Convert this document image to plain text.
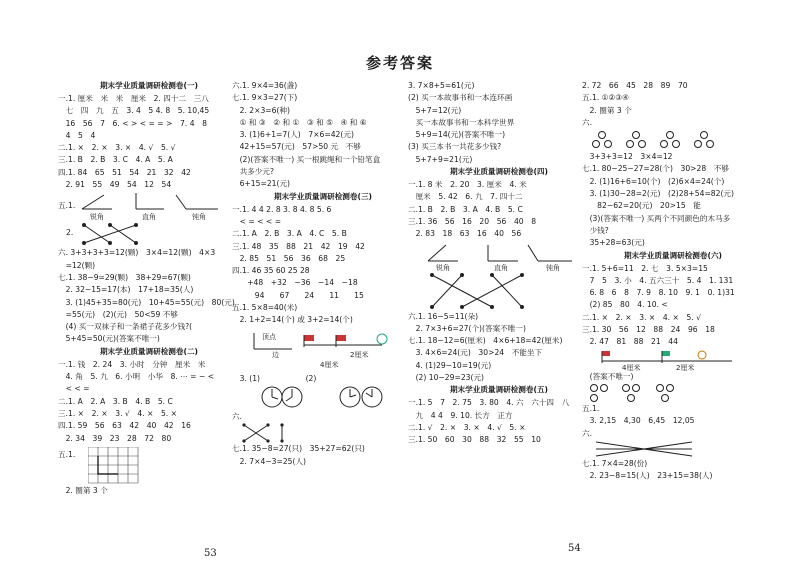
参考答案
期末学业质量调研检测卷(一)
一.1. 厘米　米　米　厘米　2. 四十二　三八
　七　四　九　五　3. 4　5 4. 8　5. 10,45
　16　56　7　6. < > < = = >　7. 4　8
　4　5　4
二.1. ×　2. ×　3. ×　4. √　5. √
三.1. B　2. B　3. C　4. A　5. A
四.1. 84　65　51　54　21　32　42
　2. 91　55　49　54　12　54
五.1.
锐角	直角	钝角
2.
六. 3+3+3+3=12(颗)　3×4=12(颗)　4×3
　=12(颗)
七.1. 38−9=29(颗)　38+29=67(颗)
　2. 32−15=17(本)　17+18=35(人)
　3. (1)45+35=80(元)　10+45=55(元)　80(元)
　=55(元)　(2)(元)　50<59 不够
　(4) 买一双袜子和一条裙子花多少钱?(
　5+45=50(元)(答案不唯一)
期末学业质量调研检测卷(二)
一.1. 钱　2. 24　3. 小时　分钟　厘米　米
　4. 角　5. 九　6. 小明　小华　8. ⋯ = − <
　< < =
二.1. A　2. A　3. B　4. B　5. C
三.1. ×　2. ×　3. √　4. ×　5. ×
四.1. 59　56　63　42　40　42　16
　2. 34　39　23　28　72　80
五.1.
　2. 圈第 3 个
六.1. 9×4=36(盏)
七.1. 9×3=27(下)
　2. 2×3=6(种)
　① 和 ③　② 和 ①　③ 和 ⑤　④ 和 ⑥
　3. (1)6+1=7(人)　7×6=42(元)
　42+15=57(元)　57>50 元　不够
　(2)(答案不唯一) 买一根跳绳和一个铅笔盒
　共多少元?
　6+15=21(元)
期末学业质量调研检测卷(三)
一.1. 4 4 2. 8 3. 8 4. 8 5. 6
　< = < < =
二.1. A　2. B　3. A　4. C　5. B
三.1. 48　35　88　21　42　19　42
　2. 85　51　56　36　68　25
四.1. 46 35 60 25 28
　　+48　+32　−36　−14　−18
　　　94　　67　　24　　11　　15
五.1. 5×8=40(米)
　2. 1+2=14(个) 或 3+2=14(个)
顶点
边
4厘米
2厘米
　3. (1)　　　　　　(2)
六.
七.1. 35−8=27(只)　35+27=62(只)
　2. 7×4−3=25(人)
3. 7×8+5=61(元)
(2) 买一本故事书和一本连环画
　5+7=12(元)
　买一本故事书和一本科学世界
　5+9=14(元)(答案不唯一)
(3) 买三本书一共花多少钱?
　5+7+9=21(元)
期末学业质量调研检测卷(四)
一.1. 8 米　2. 20　3. 厘米　4. 米
　厘米　5. 42　6. 九　7. 四十二
二.1. B　2. B　3. A　4. B　5. C
三.1. 36　56　16　20　56　40　8
　2. 83　18　63　16　40　56
锐角	直角	钝角
六.1. 16−5=11(朵)
　2. 7×3+6=27(个)(答案不唯一)
七.1. 18−12=6(厘米)　4×6+18=42(厘米)
　3. 4×6=24(元)　30>24　不能坐下
　4. (1)29−10=19(元)
　(2) 10−29=23(元)
期末学业质量调研检测卷(五)
一.1. 5　7　2. 75　3. 80　4. 六　六十四　八
　九　4 4　9. 10. 长方　正方
二.1. √　2. ×　3. ×　4. √　5. ×
三.1. 50　60　30　88　32　55　10
2. 72　66　45　28　89　70
五.1. ①②③④
　2. 圈第 3 个
六.
　3+3+3=12　3×4=12
七.1. 80−25−27=28(个)　30>28　不够
　2. (1)16+6=10(个)　(2)6×4=24(个)
　3. (1)30−28=2(元)　(2)28+54=82(元)
　　82−62=20(元)　20>15　能
　(3)(答案不唯一) 买两个不同颜色的木马多
　少钱?
　35+28=63(元)
期末学业质量调研检测卷(六)
一.1. 5+6=11　2. 七　3. 5×3=15
　7　5　3. 小　4. 五六三十　5. 4　1. 131
　6. 8　6　8　7. 9　8. 10　9. 1　0. 1)31
　(2) 85　80　4. 10. <
二.1. ×　2. ×　3. ×　4. ×　5. √
三.1. 30　56　12　88　24　96　18
　2. 47　81　88　21　44
4厘米	2厘米
　(答案不唯一)
五.1.
　3. 2,15　4,30　6,45　12,05
六.
七.1. 7×4=28(份)
　2. 23−8=15(人)　23+15=38(人)
53	54
